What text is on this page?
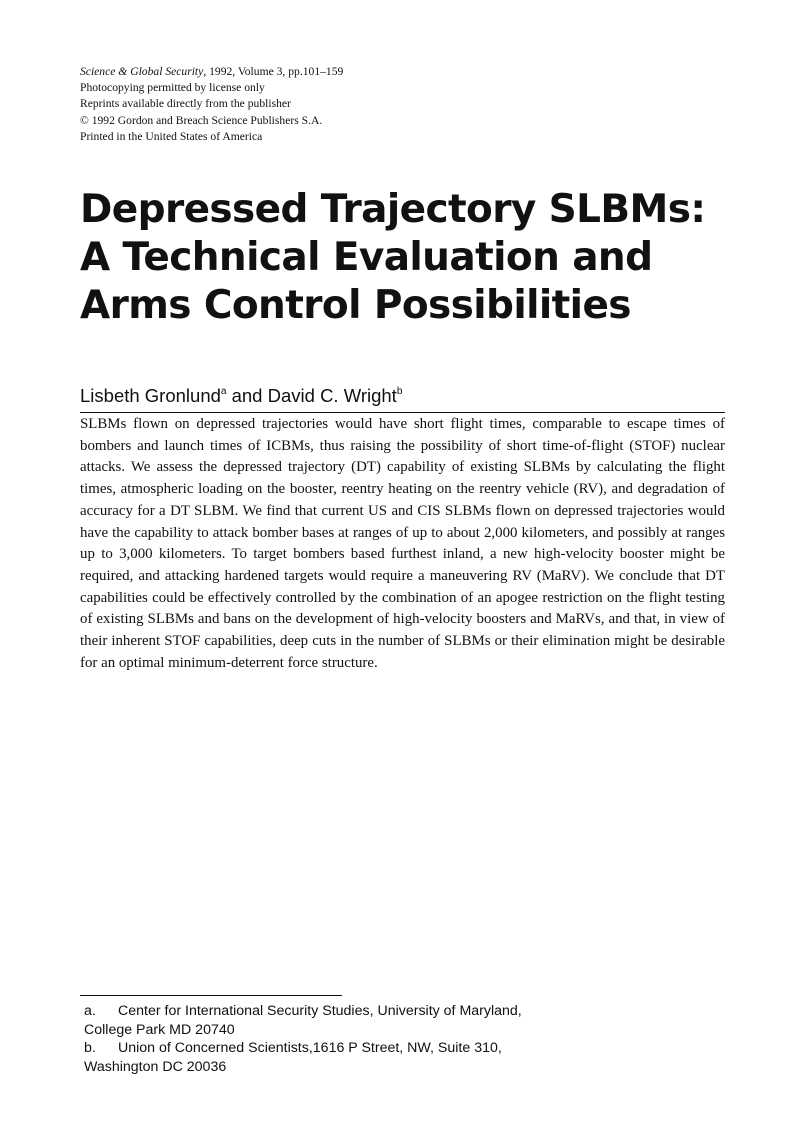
Science & Global Security, 1992, Volume 3, pp.101–159
Photocopying permitted by license only
Reprints available directly from the publisher
© 1992 Gordon and Breach Science Publishers S.A.
Printed in the United States of America
Depressed Trajectory SLBMs:
A Technical Evaluation and
Arms Control Possibilities
Lisbeth Gronlund$^a$ and David C. Wright$^b$

SLBMs flown on depressed trajectories would have short flight times, comparable to escape times of bombers and launch times of ICBMs, thus raising the possibility of short time-of-flight (STOF) nuclear attacks. We assess the depressed trajectory (DT) capability of existing SLBMs by calculating the flight times, atmospheric loading on the booster, reentry heating on the reentry vehicle (RV), and degradation of accuracy for a DT SLBM. We find that current US and CIS SLBMs flown on depressed trajectories would have the capability to attack bomber bases at ranges of up to about 2,000 kilometers, and possibly at ranges up to 3,000 kilometers. To target bombers based furthest inland, a new high-velocity booster might be required, and attacking hardened targets would require a maneuvering RV (MaRV). We conclude that DT capabilities could be effectively controlled by the combination of an apogee restriction on the flight testing of existing SLBMs and bans on the development of high-velocity boosters and MaRVs, and that, in view of their inherent STOF capabilities, deep cuts in the number of SLBMs or their elimination might be desirable for an optimal minimum-deterrent force structure.

a. Center for International Security Studies, University of Maryland,
College Park MD 20740
b. Union of Concerned Scientists,1616 P Street, NW, Suite 310,
Washington DC 20036
